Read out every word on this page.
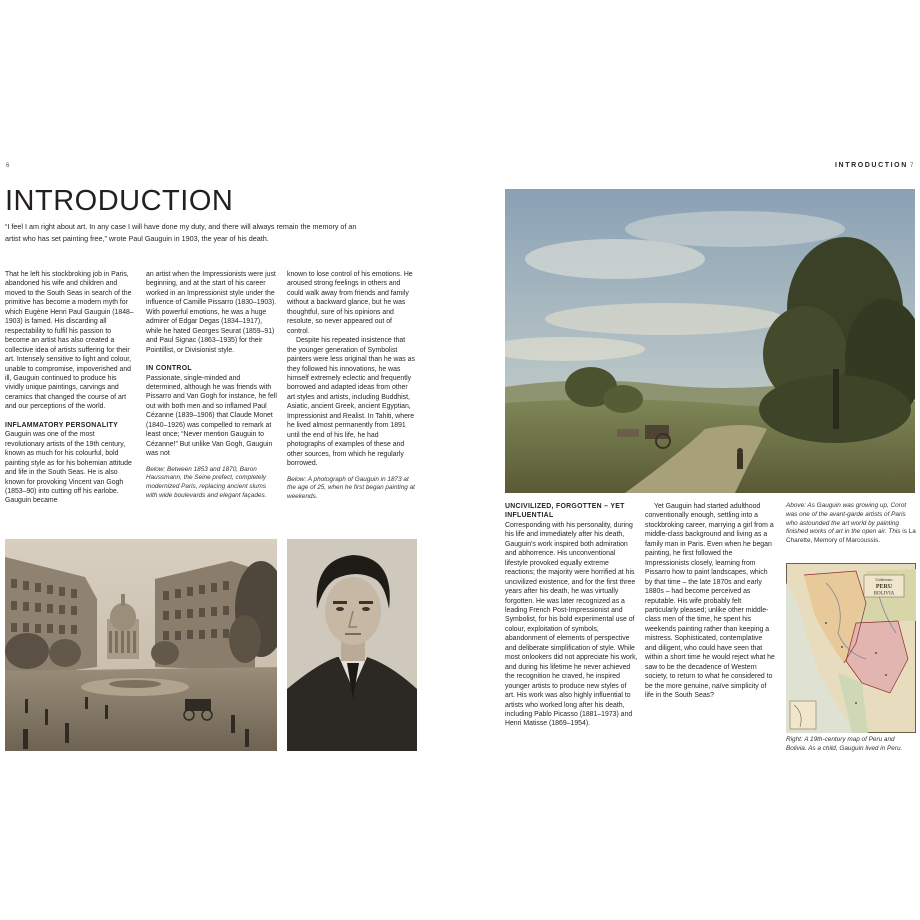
6
INTRODUCTION
“I feel I am right about art. In any case I will have done my duty, and there will always remain the memory of an artist who has set painting free,” wrote Paul Gauguin in 1903, the year of his death.

That he left his stockbroking job in Paris, abandoned his wife and children and moved to the South Seas in search of the primitive has become a modern myth for which Eugène Henri Paul Gauguin (1848–1903) is famed. His discarding all respectability to fulfil his passion to become an artist has also created a collective idea of artists suffering for their art. Intensely sensitive to light and colour, unable to compromise, impoverished and ill, Gauguin continued to produce his vividly unique paintings, carvings and ceramics that changed the course of art and our perceptions of the world.

INFLAMMATORY PERSONALITY

Gauguin was one of the most revolutionary artists of the 19th century, known as much for his colourful, bold painting style as for his bohemian attitude and life in the South Seas. He is also known for provoking Vincent van Gogh (1853–90) into cutting off his earlobe. Gauguin became

an artist when the Impressionists were just beginning, and at the start of his career worked in an Impressionist style under the influence of Camille Pissarro (1830–1903). With powerful emotions, he was a huge admirer of Edgar Degas (1834–1917), while he hated Georges Seurat (1859–91) and Paul Signac (1863–1935) for their Pointillist, or Divisionist style.

IN CONTROL

Passionate, single-minded and determined, although he was friends with Pissarro and Van Gogh for instance, he fell out with both men and so inflamed Paul Cézanne (1839–1906) that Claude Monet (1840–1926) was compelled to remark at least once; “Never mention Gauguin to Cézanne!” But unlike Van Gogh, Gauguin was not

Below: Between 1853 and 1870, Baron Haussmann, the Seine prefect, completely modernized Paris, replacing ancient slums with wide boulevards and elegant façades.

known to lose control of his emotions. He aroused strong feelings in others and could walk away from friends and family without a backward glance, but he was thoughtful, sure of his opinions and resolute, so never appeared out of control.

Despite his repeated insistence that the younger generation of Symbolist painters were less original than he was as they followed his innovations, he was himself extremely eclectic and frequently borrowed and adapted ideas from other art styles and artists, including Buddhist, Asiatic, ancient Greek, ancient Egyptian, Impressionist and Realist. In Tahiti, where he lived almost permanently from 1891 until the end of his life, he had photographs of examples of these and other sources, from which he regularly borrowed.

Below: A photograph of Gauguin in 1873 at the age of 25, when he first began painting at weekends.

INTRODUCTION 7

UNCIVILIZED, FORGOTTEN – YET INFLUENTIAL

Corresponding with his personality, during his life and immediately after his death, Gauguin's work inspired both admiration and abhorrence. His unconventional lifestyle provoked equally extreme reactions; the majority were horrified at his uncivilized existence, and for the first three years after his death, he was virtually forgotten. He was later recognized as a leading French Post-Impressionist and Symbolist, for his bold experimental use of colour, exploitation of symbols, abandonment of elements of perspective and deliberate simplification of style. While most onlookers did not appreciate his work, and during his lifetime he never achieved the recognition he craved, he inspired younger artists to produce new styles of art. His work was also highly influential to artists who worked long after his death, including Pablo Picasso (1881–1973) and Henri Matisse (1869–1954).

Yet Gauguin had started adulthood conventionally enough, settling into a stockbroking career, marrying a girl from a middle-class background and living as a family man in Paris. Even when he began painting, he first followed the Impressionists closely, learning from Pissarro how to paint landscapes, which by that time – the late 1870s and early 1880s – had become perceived as reputable. His wife probably felt particularly pleased; unlike other middle-class men of the time, he spent his weekends painting rather than keeping a mistress. Sophisticated, contemplative and diligent, who could have seen that within a short time he would reject what he saw to be the decadence of Western society, to return to what he considered to be the more genuine, naïve simplicity of life in the South Seas?

Above: As Gauguin was growing up, Corot was one of the avant-garde artists of Paris who astounded the art world by painting finished works of art in the open air. This is La Charette, Memory of Marcoussis.
Gobierno
PERU
BOLIVIA
Right: A 19th-century map of Peru and Bolivia. As a child, Gauguin lived in Peru.
